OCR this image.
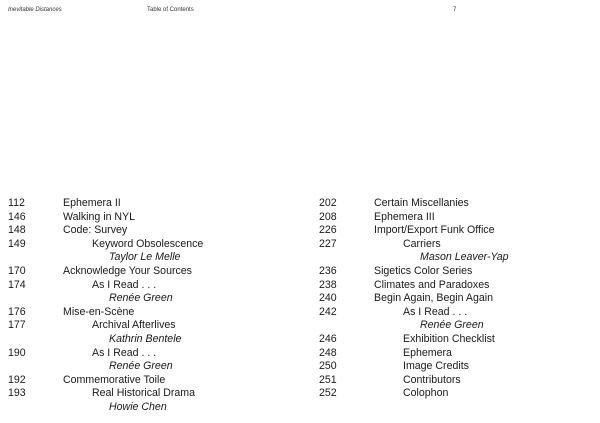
Inevitable Distances	Table of Contents	7
112	Ephemera II
146	Walking in NYL
148	Code: Survey
149	Keyword Obsolescence
Taylor Le Melle
170	Acknowledge Your Sources
174	As I Read . . .
Renée Green
176	Mise-en-Scène
177	Archival Afterlives
Kathrin Bentele
190	As I Read . . .
Renée Green
192	Commemorative Toile
193	Real Historical Drama
Howie Chen
202	Certain Miscellanies
208	Ephemera III
226	Import/Export Funk Office
227	Carriers
Mason Leaver-Yap
236	Sigetics Color Series
238	Climates and Paradoxes
240	Begin Again, Begin Again
242	As I Read . . .
Renée Green
246	Exhibition Checklist
248	Ephemera
250	Image Credits
251	Contributors
252	Colophon
